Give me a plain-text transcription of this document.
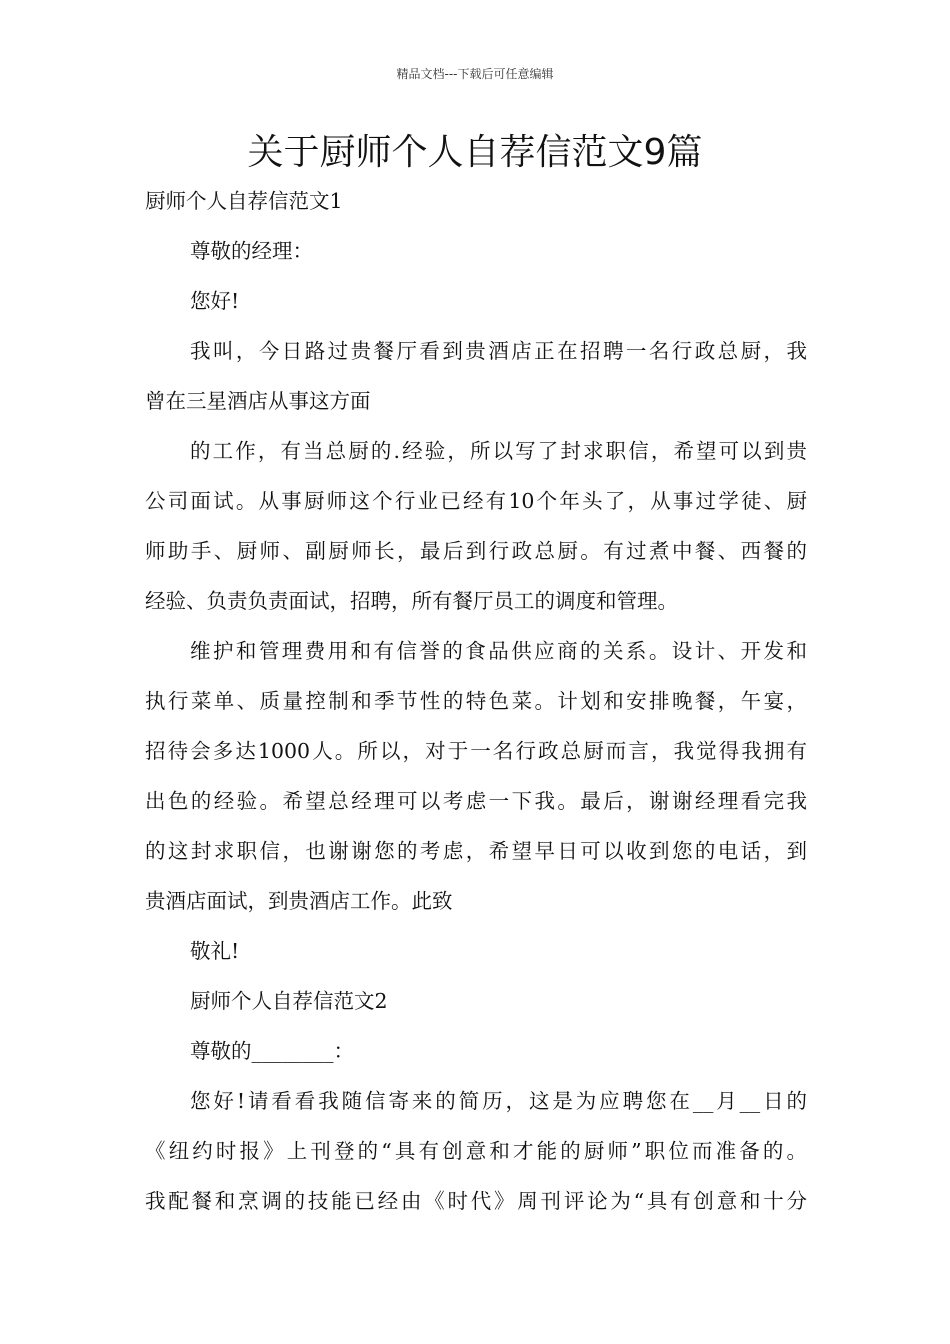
精品文档---下载后可任意编辑
关于厨师个人自荐信范文9篇

厨师个人自荐信范文1

尊敬的经理：

您好!

我叫，今日路过贵餐厅看到贵酒店正在招聘一名行政总厨，我

曾在三星酒店从事这方面

的工作，有当总厨的.经验，所以写了封求职信，希望可以到贵

公司面试。从事厨师这个行业已经有10个年头了，从事过学徒、厨

师助手、厨师、副厨师长，最后到行政总厨。有过煮中餐、西餐的

经验、负责负责面试，招聘，所有餐厅员工的调度和管理。

维护和管理费用和有信誉的食品供应商的关系。设计、开发和

执行菜单、质量控制和季节性的特色菜。计划和安排晚餐，午宴，

招待会多达1000人。所以，对于一名行政总厨而言，我觉得我拥有

出色的经验。希望总经理可以考虑一下我。最后，谢谢经理看完我

的这封求职信，也谢谢您的考虑，希望早日可以收到您的电话，到

贵酒店面试，到贵酒店工作。此致

敬礼!

厨师个人自荐信范文2

尊敬的________：

您好!请看看我随信寄来的简历，这是为应聘您在__月__日的

《纽约时报》上刊登的“具有创意和才能的厨师”职位而准备的。

我配餐和烹调的技能已经由《时代》周刊评论为“具有创意和十分
